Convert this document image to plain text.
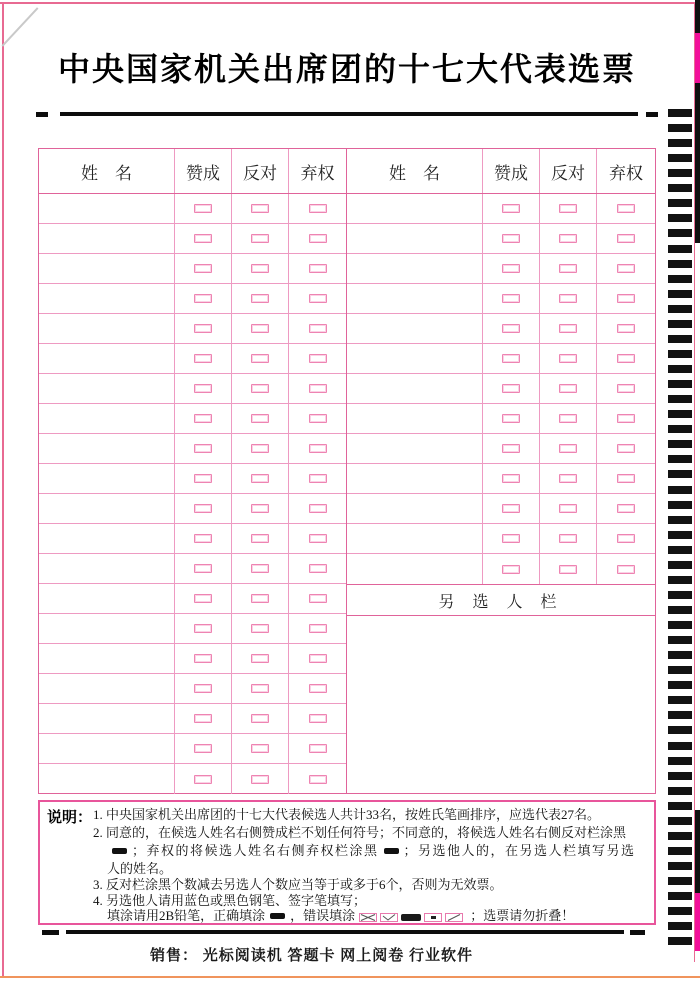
中央国家机关出席团的十七大代表选票
姓　名	赞成	反对	弃权	姓　名	赞成	反对	弃权
另 选 人 栏
说明： 1. 中央国家机关出席团的十七大代表候选人共计33名，按姓氏笔画排序，应选代表27名。
2. 同意的，在候选人姓名右侧赞成栏不划任何符号；不同意的，将候选人姓名右侧反对栏涂黑
；弃权的将候选人姓名右侧弃权栏涂黑 ；另选他人的，在另选人栏填写另选
人的姓名。
3. 反对栏涂黑个数减去另选人个数应当等于或多于6个，否则为无效票。
4. 另选他人请用蓝色或黑色钢笔、签字笔填写；
填涂请用2B铅笔，正确填涂 ，错误填涂	；选票请勿折叠！
销售： 光标阅读机 答题卡 网上阅卷 行业软件
